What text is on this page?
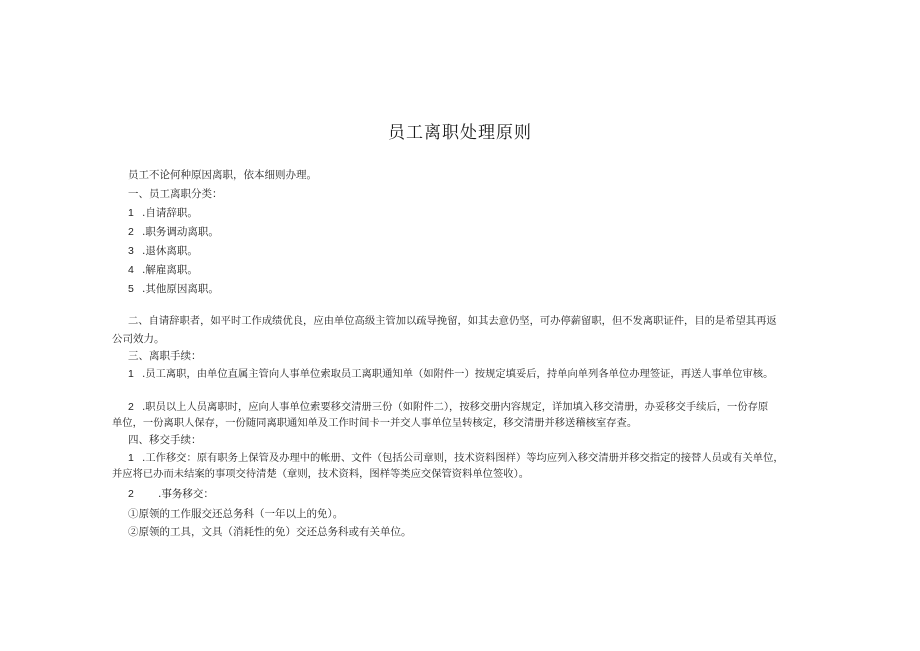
员工离职处理原则
员工不论何种原因离职，依本细则办理。
一、员工离职分类：
1 .自请辞职。
2 .职务调动离职。
3 .退休离职。
4 .解雇离职。
5 .其他原因离职。
二、自请辞职者，如平时工作成绩优良，应由单位高级主管加以疏导挽留，如其去意仍坚，可办停薪留职，但不发离职证件，目的是希望其再返
公司效力。
三、离职手续：
1 .员工离职，由单位直属主管向人事单位索取员工离职通知单（如附件一）按规定填妥后，持单向单列各单位办理签证，再送人事单位审核。
2 .职员以上人员离职时，应向人事单位索要移交清册三份（如附件二），按移交册内容规定，详加填入移交清册，办妥移交手续后，一份存原
单位，一份离职人保存，一份随同离职通知单及工作时间卡一并交人事单位呈转核定，移交清册并移送稽核室存查。
四、移交手续：
1 .工作移交：原有职务上保管及办理中的帐册、文件（包括公司章则，技术资料图样）等均应列入移交清册并移交指定的接替人员或有关单位，
并应将已办而未结案的事项交待清楚（章则，技术资料，图样等类应交保管资料单位签收）。
2 .事务移交：
①原领的工作服交还总务科（一年以上的免）。
②原领的工具，文具（消耗性的免）交还总务科或有关单位。
